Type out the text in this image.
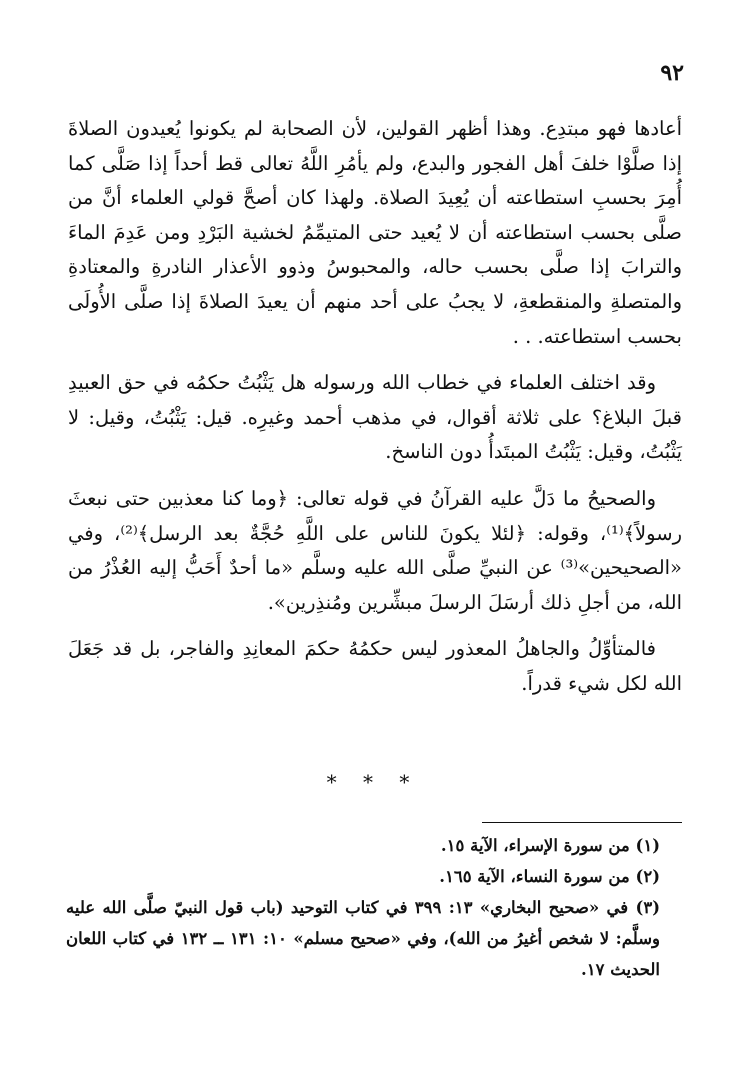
٩٢

أعادها فهو مبتدِع. وهذا أظهر القولين، لأن الصحابة لم يكونوا يُعيدون الصلاةَ إذا صلَّوْا خلفَ أهل الفجور والبدع، ولم يأمُرِ اللَّهُ تعالى قط أحداً إذا صَلَّى كما أُمِرَ بحسبِ استطاعته أن يُعِيدَ الصلاة. ولهذا كان أصحَّ قولي العلماء أنَّ من صلَّى بحسب استطاعته أن لا يُعيد حتى المتيمِّمُ لخشية البَرْدِ ومن عَدِمَ الماءَ والترابَ إذا صلَّى بحسب حاله، والمحبوسُ وذوو الأعذار النادرةِ والمعتادةِ والمتصلةِ والمنقطعةِ، لا يجبُ على أحد منهم أن يعيدَ الصلاةَ إذا صلَّى الأُولَى بحسب استطاعته. . .

وقد اختلف العلماء في خطاب الله ورسوله هل يَثْبُتُ حكمُه في حق العبيدِ قبلَ البلاغ؟ على ثلاثة أقوال، في مذهب أحمد وغيرِه. قيل: يَثْبُتُ، وقيل: لا يَثْبُتُ، وقيل: يَثْبُتُ المبتَدأُ دون الناسخ.

والصحيحُ ما دَلَّ عليه القرآنُ في قوله تعالى: ﴿وما كنا معذبين حتى نبعثَ رسولاً﴾⁽¹⁾، وقوله: ﴿لئلا يكونَ للناس على اللَّهِ حُجَّةٌ بعد الرسل﴾⁽²⁾، وفي «الصحيحين»⁽³⁾ عن النبيِّ صلَّى الله عليه وسلَّم «ما أحدٌ أَحَبُّ إليه العُذْرُ من الله، من أجلِ ذلك أرسَلَ الرسلَ مبشِّرين ومُنذِرين».

فالمتأوِّلُ والجاهلُ المعذور ليس حكمُهُ حكمَ المعانِدِ والفاجر، بل قد جَعَلَ الله لكل شيء قدراً.

* * *

(١) من سورة الإسراء، الآية ١٥.

(٢) من سورة النساء، الآية ١٦٥.

(٣) في «صحيح البخاري» ١٣: ٣٩٩ في كتاب التوحيد (باب قول النبيّ صلَّى الله عليه وسلَّم: لا شخص أغيرُ من الله)، وفي «صحيح مسلم» ١٠: ١٣١ ــ ١٣٢ في كتاب اللعان الحديث ١٧.
